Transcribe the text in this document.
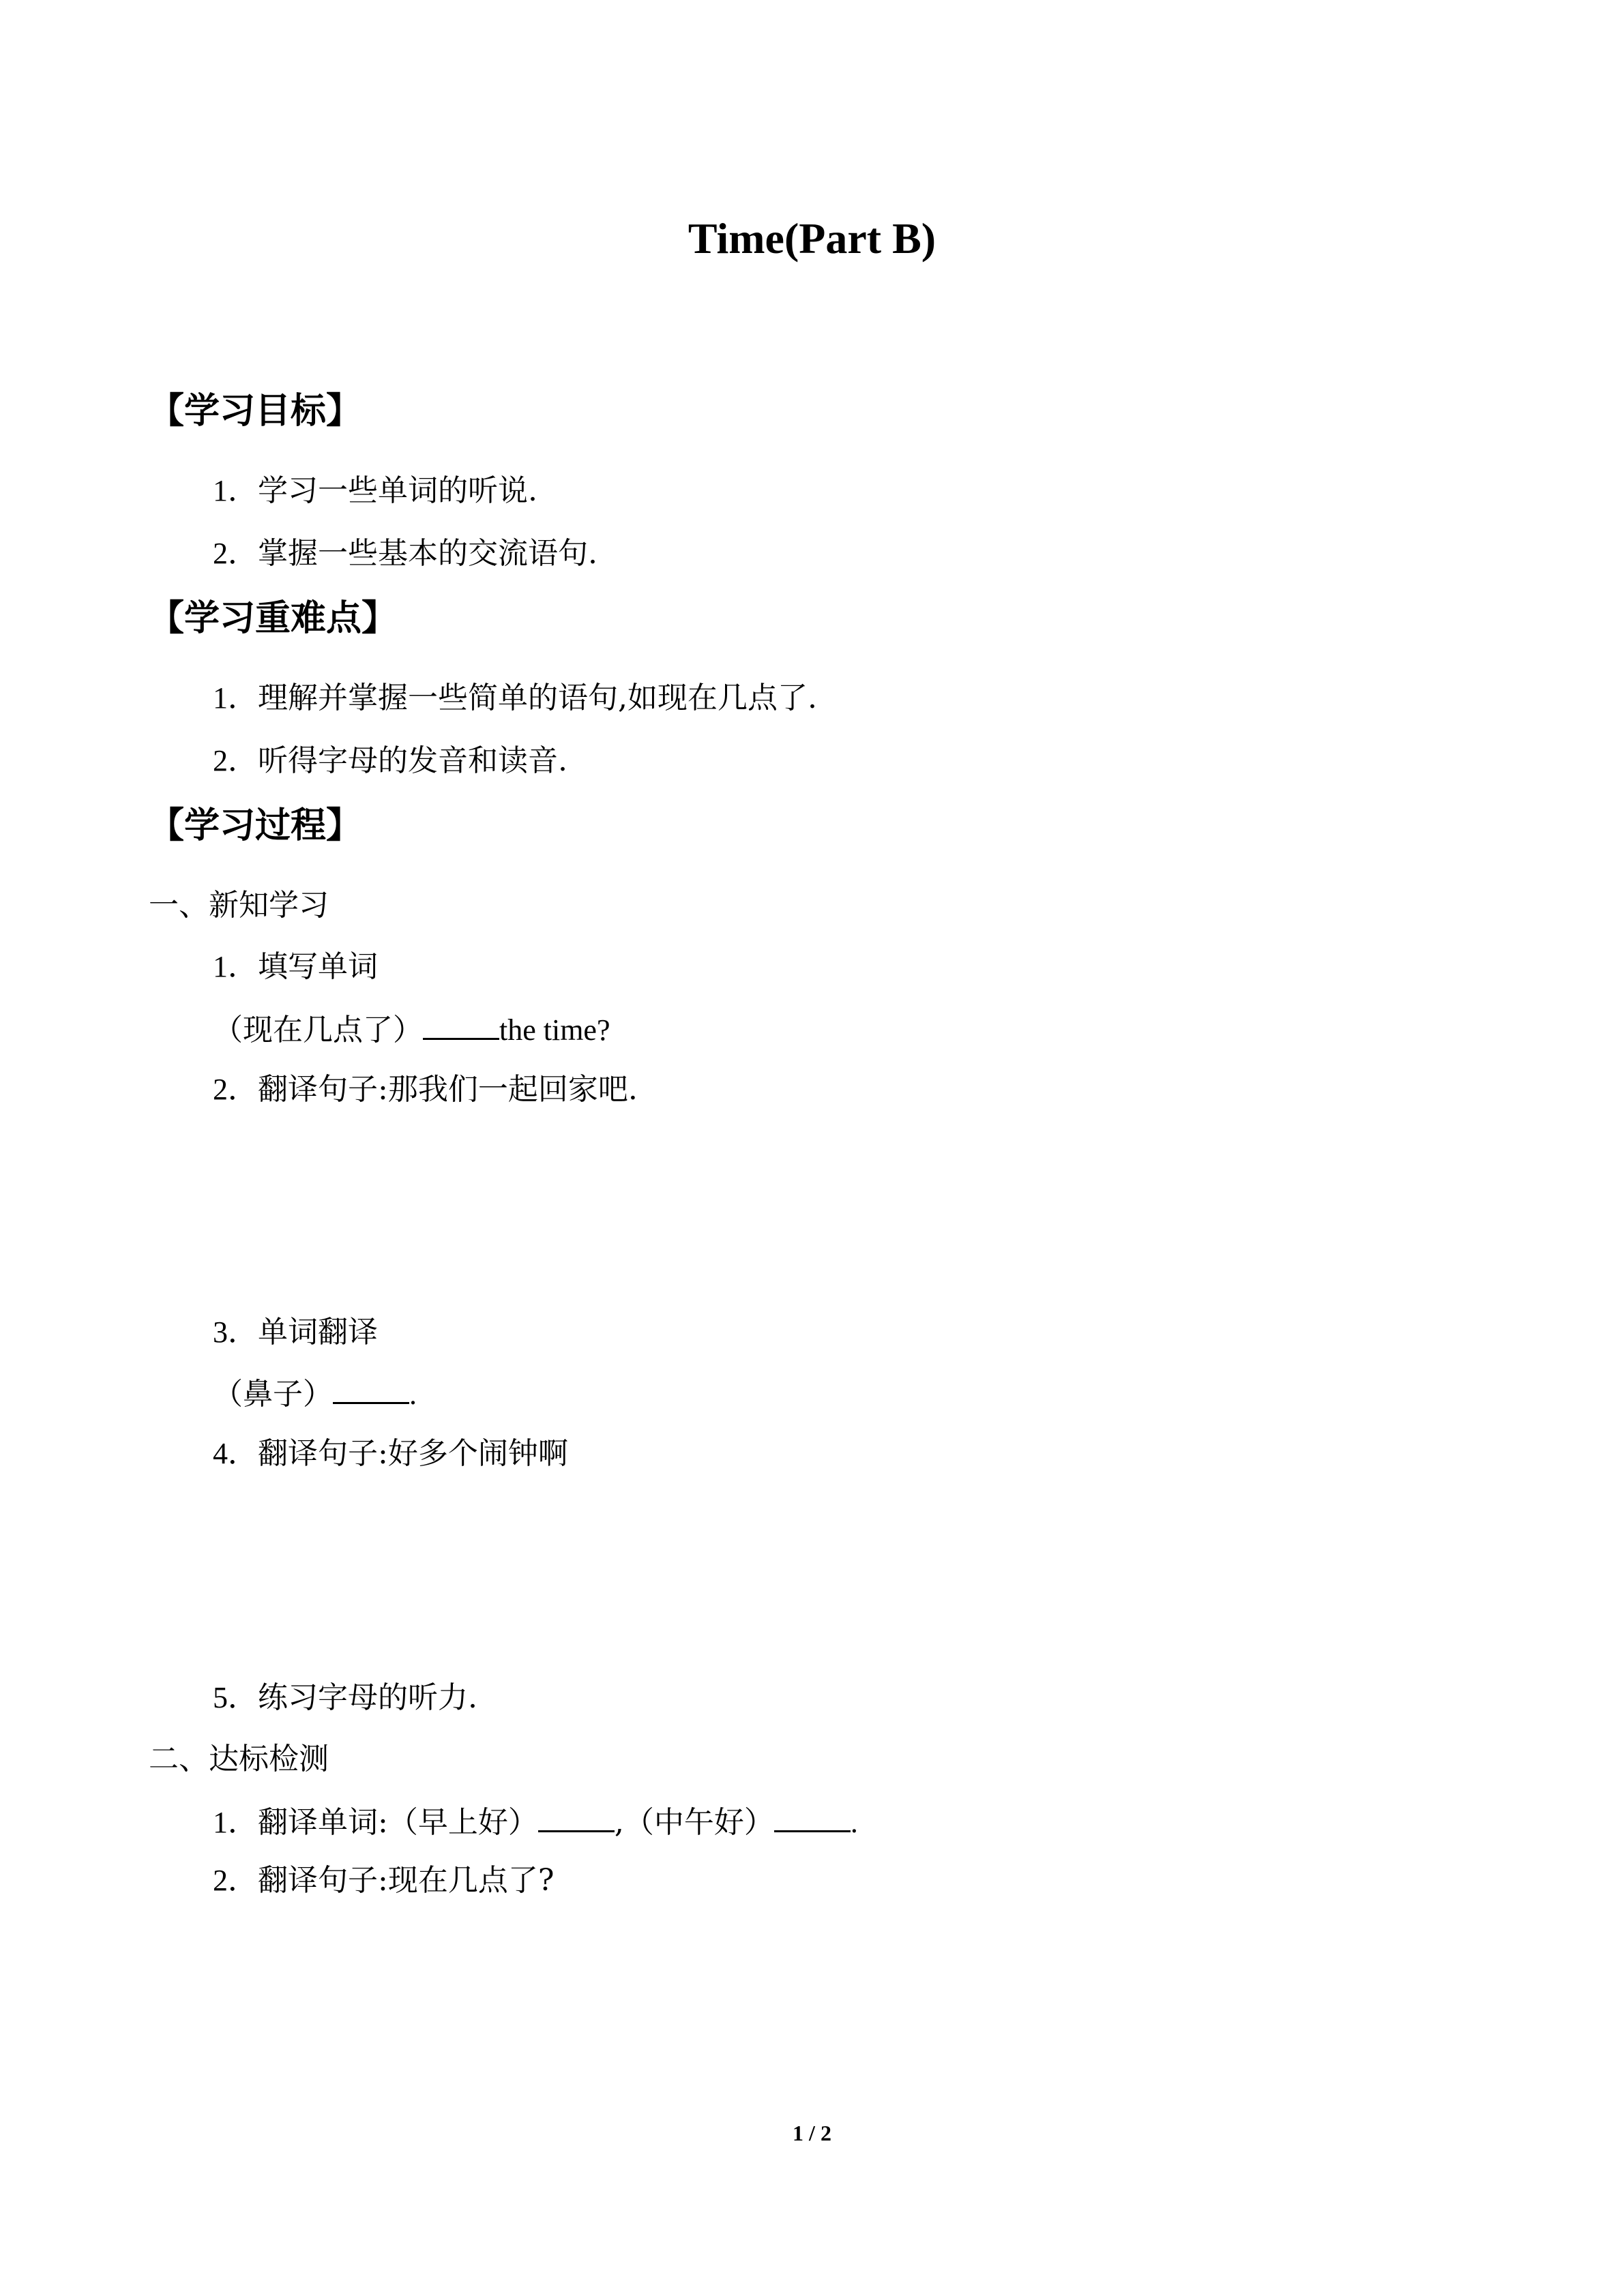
Time(Part B)
【学习目标】
1．学习一些单词的听说.
2．掌握一些基本的交流语句.
【学习重难点】
1．理解并掌握一些简单的语句,如现在几点了.
2．听得字母的发音和读音.
【学习过程】
一、新知学习
1．填写单词
（现在几点了）	the time?
2．翻译句子:那我们一起回家吧.
3．单词翻译
（鼻子）	.
4．翻译句子:好多个闹钟啊
5．练习字母的听力.
二、达标检测
1．翻译单词:（早上好）	,（中午好）	.
2．翻译句子:现在几点了?
1 / 2
